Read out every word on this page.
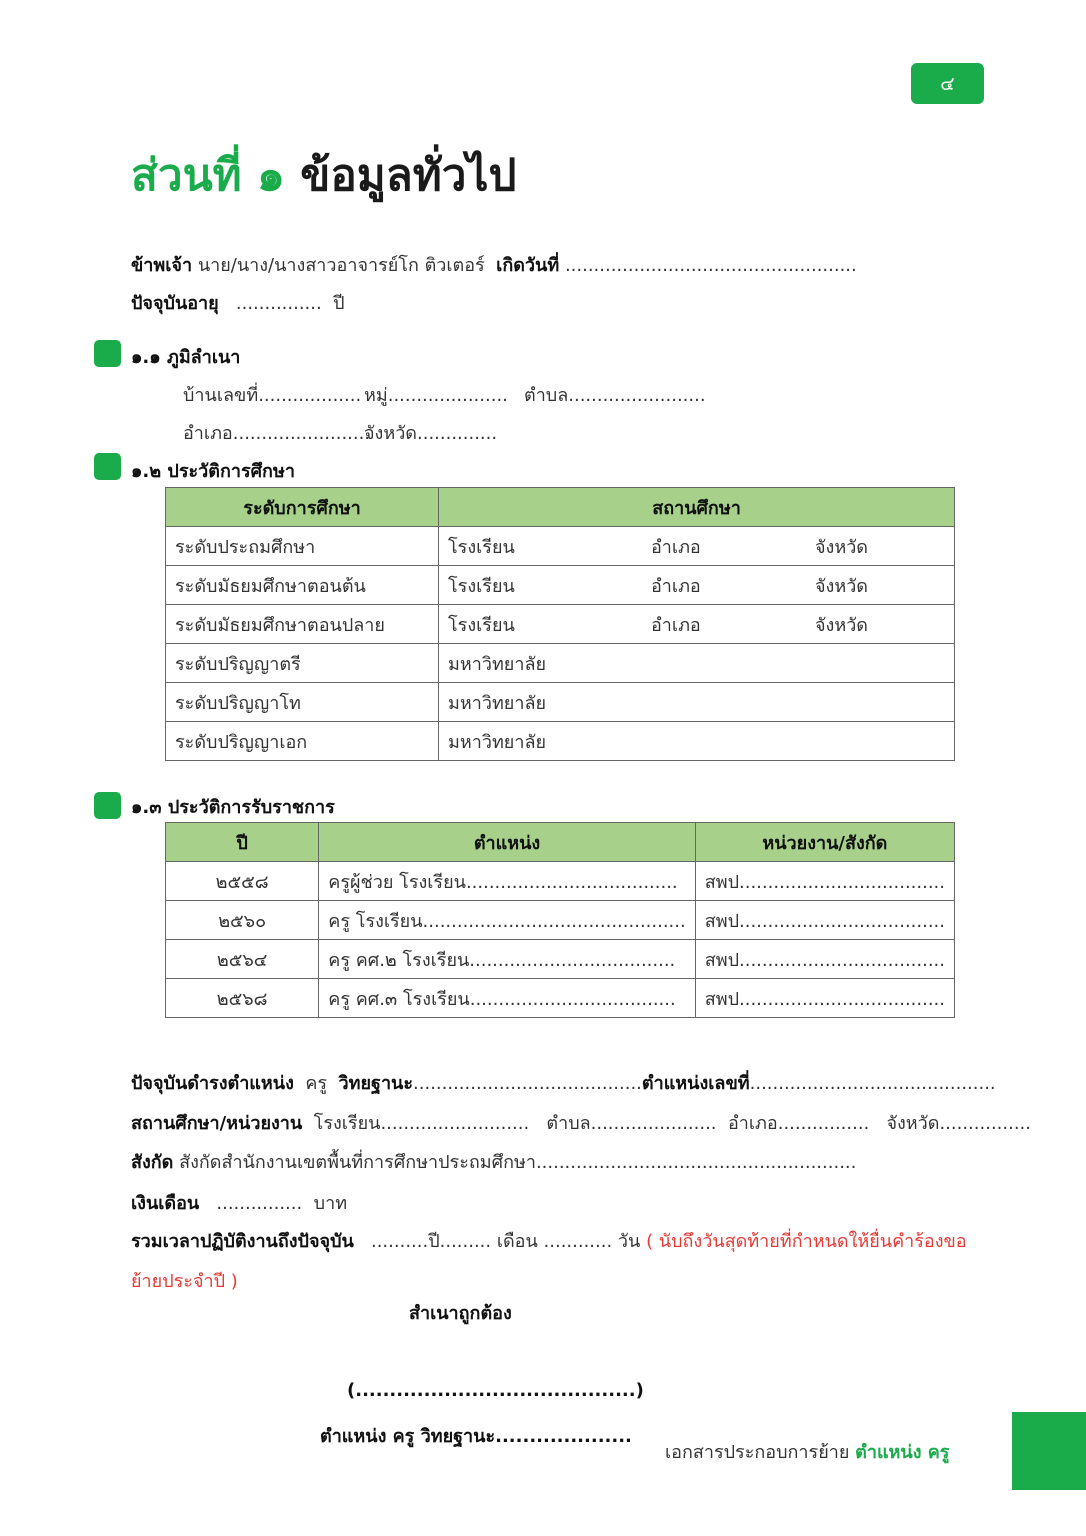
๔
ส่วนที่ ๑ ข้อมูลทั่วไป
ข้าพเจ้า นาย/นาง/นางสาวอาจารย์โก ติวเตอร์ เกิดวันที่ ...................................................
ปัจจุบันอายุ ............... ปี
๑.๑ ภูมิลำเนา
บ้านเลขที่.................. หมู่..................... ตำบล........................
อำเภอ........................
จังหวัด..............
๑.๒ ประวัติการศึกษา
ระดับการศึกษา	สถานศึกษา
ระดับประถมศึกษา	โรงเรียน อำเภอ จังหวัด

ระดับมัธยมศึกษาตอนต้น	โรงเรียน อำเภอ จังหวัด

ระดับมัธยมศึกษาตอนปลาย	โรงเรียน อำเภอ จังหวัด

ระดับปริญญาตรี	มหาวิทยาลัย
ระดับปริญญาโท	มหาวิทยาลัย
ระดับปริญญาเอก	มหาวิทยาลัย
๑.๓ ประวัติการรับราชการ
ปี	ตำแหน่ง	หน่วยงาน/สังกัด
๒๕๕๘	ครูผู้ช่วย โรงเรียน.....................................	สพป....................................
๒๕๖๐	ครู โรงเรียน..............................................	สพป....................................
๒๕๖๔	ครู คศ.๒ โรงเรียน....................................	สพป....................................
๒๕๖๘	ครู คศ.๓ โรงเรียน....................................	สพป....................................
ปัจจุบันดำรงตำแหน่ง ครู วิทยฐานะ........................................ตำแหน่งเลขที่...........................................
สถานศึกษา/หน่วยงาน โรงเรียน.......................... ตำบล...................... อำเภอ................ จังหวัด................
สังกัด สังกัดสำนักงานเขตพื้นที่การศึกษาประถมศึกษา........................................................
เงินเดือน ............... บาท
รวมเวลาปฏิบัติงานถึงปัจจุบัน ..........ปี......... เดือน ............ วัน ( นับถึงวันสุดท้ายที่กำหนดให้ยื่นคำร้องขอ
ย้ายประจำปี )
สำเนาถูกต้อง
(.........................................)
ตำแหน่ง ครู วิทยฐานะ....................
เอกสารประกอบการย้าย ตำแหน่ง ครู
